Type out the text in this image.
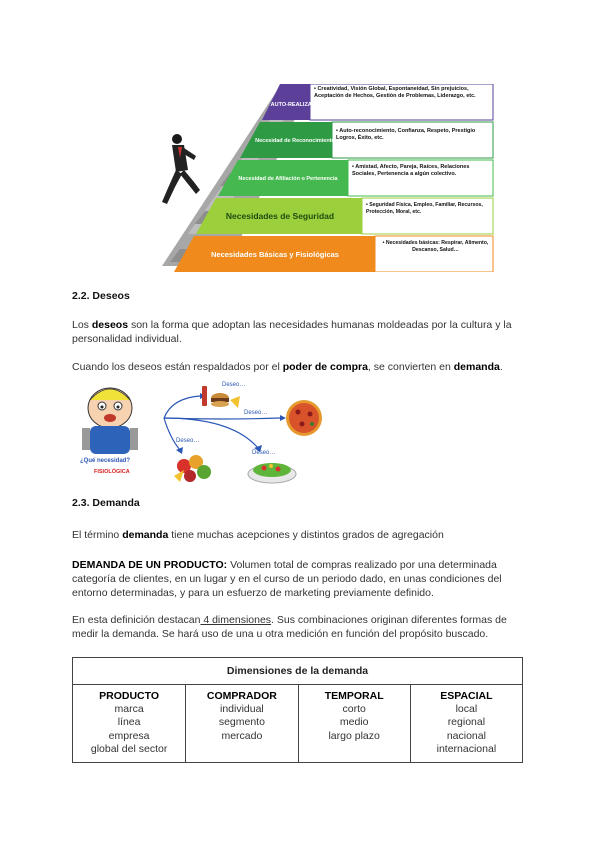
AUTO-REALIZACIÓN:
Necesidad de Reconocimiento
Necesidad de Afiliación o Pertenencia
Necesidades de Seguridad
Necesidades Básicas y Fisiológicas
• Creatividad, Visión Global, Espontaneidad, Sin prejuicios, Aceptación de Hechos, Gestión de Problemas, Liderazgo, etc.
• Auto-reconocimiento, Confianza, Respeto, Prestigio Logros, Éxito, etc.
• Amistad, Afecto, Pareja, Raíces, Relaciones Sociales, Pertenencia a algún colectivo.
• Seguridad Física, Empleo, Familiar, Recursos, Protección, Moral, etc.
• Necesidades básicas: Respirar, Alimento, Descanso, Salud…
2.2. Deseos
Los deseos son la forma que adoptan las necesidades humanas moldeadas por la cultura y la personalidad individual.
Cuando los deseos están respaldados por el poder de compra, se convierten en demanda.
¿Qué necesidad?
FISIOLÓGICA
Deseo…
Deseo…
Deseo…
Deseo…
2.3. Demanda
El término demanda tiene muchas acepciones y distintos grados de agregación
DEMANDA DE UN PRODUCTO: Volumen total de compras realizado por una determinada categoría de clientes, en un lugar y en el curso de un periodo dado, en unas condiciones del entorno determinadas, y para un esfuerzo de marketing previamente definido.
En esta definición destacan 4 dimensiones. Sus combinaciones originan diferentes formas de medir la demanda. Se hará uso de una u otra medición en función del propósito buscado.
Dimensiones de la demanda

PRODUCTO
marca
línea
empresa
global del sector

COMPRADOR
individual
segmento
mercado

TEMPORAL
corto
medio
largo plazo

ESPACIAL
local
regional
nacional
internacional
